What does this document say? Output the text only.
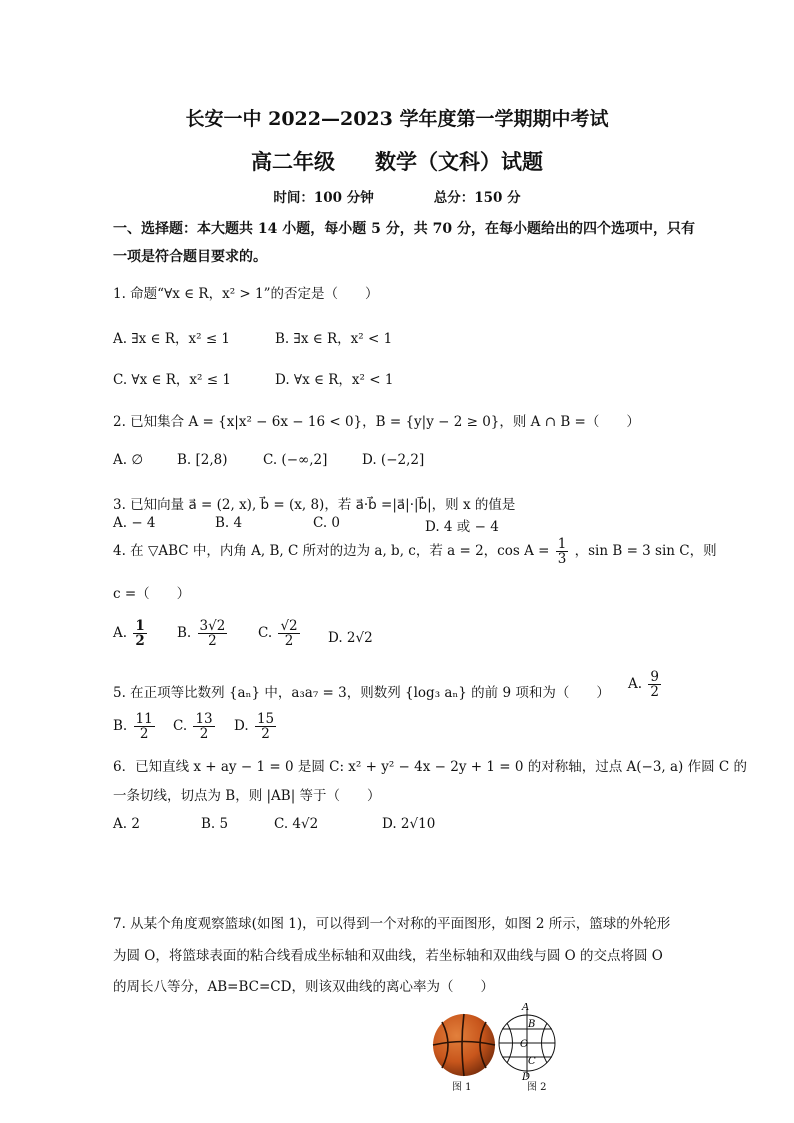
长安一中 2022—2023 学年度第一学期期中考试
高二年级 数学（文科）试题
时间：100 分钟	总分：150 分
一、选择题：本大题共 14 小题，每小题 5 分，共 70 分，在每小题给出的四个选项中，只有
一项是符合题目要求的。
1. 命题“∀x ∈ R，x² > 1”的否定是（　　）
A. ∃x ∈ R，x² ≤ 1	B. ∃x ∈ R，x² < 1
C. ∀x ∈ R，x² ≤ 1	D. ∀x ∈ R，x² < 1
2. 已知集合 A = {x|x² − 6x − 16 < 0}，B = {y|y − 2 ≥ 0}，则 A ∩ B =（　　）
A. ∅	B. [2,8)	C. (−∞,2]	D. (−2,2]
3. 已知向量 a⃗ = (2, x), b⃗ = (x, 8)，若 a⃗·b⃗ =|a⃗|·|b⃗|，则 x 的值是
A. − 4	B. 4	C. 0	D. 4 或 − 4
4. 在 ▽ABC 中，内角 A, B, C 所对的边为 a, b, c，若 a = 2，$\cos A = \frac{1}{3}$ ，sin B = 3 sin C，则
c =（　　）
A. $\frac{1}{2} B$. $\frac{3√2}{2} C$. $\frac{√2}{2} D$. 2√2
5. 在正项等比数列 {aₙ} 中，a₃a₇ = 3，则数列 {log₃ aₙ} 的前 9 项和为（　　）
A. $\frac{9}{2}$
B. $\frac{11}{2} C$. $\frac{13}{2} D$. $\frac{15}{2}$
6．已知直线 x + ay − 1 = 0 是圆 C: x² + y² − 4x − 2y + 1 = 0 的对称轴，过点 A(−3, a) 作圆 C 的
一条切线，切点为 B，则 |AB| 等于（　　）
A. 2	B. 5	C. 4√2	D. 2√10
7. 从某个角度观察篮球(如图 1)，可以得到一个对称的平面图形，如图 2 所示，篮球的外轮形
为圆 O，将篮球表面的粘合线看成坐标轴和双曲线，若坐标轴和双曲线与圆 O 的交点将圆 O
的周长八等分，AB=BC=CD，则该双曲线的离心率为（　　）
图 1
A
B
O
C
D
图 2
